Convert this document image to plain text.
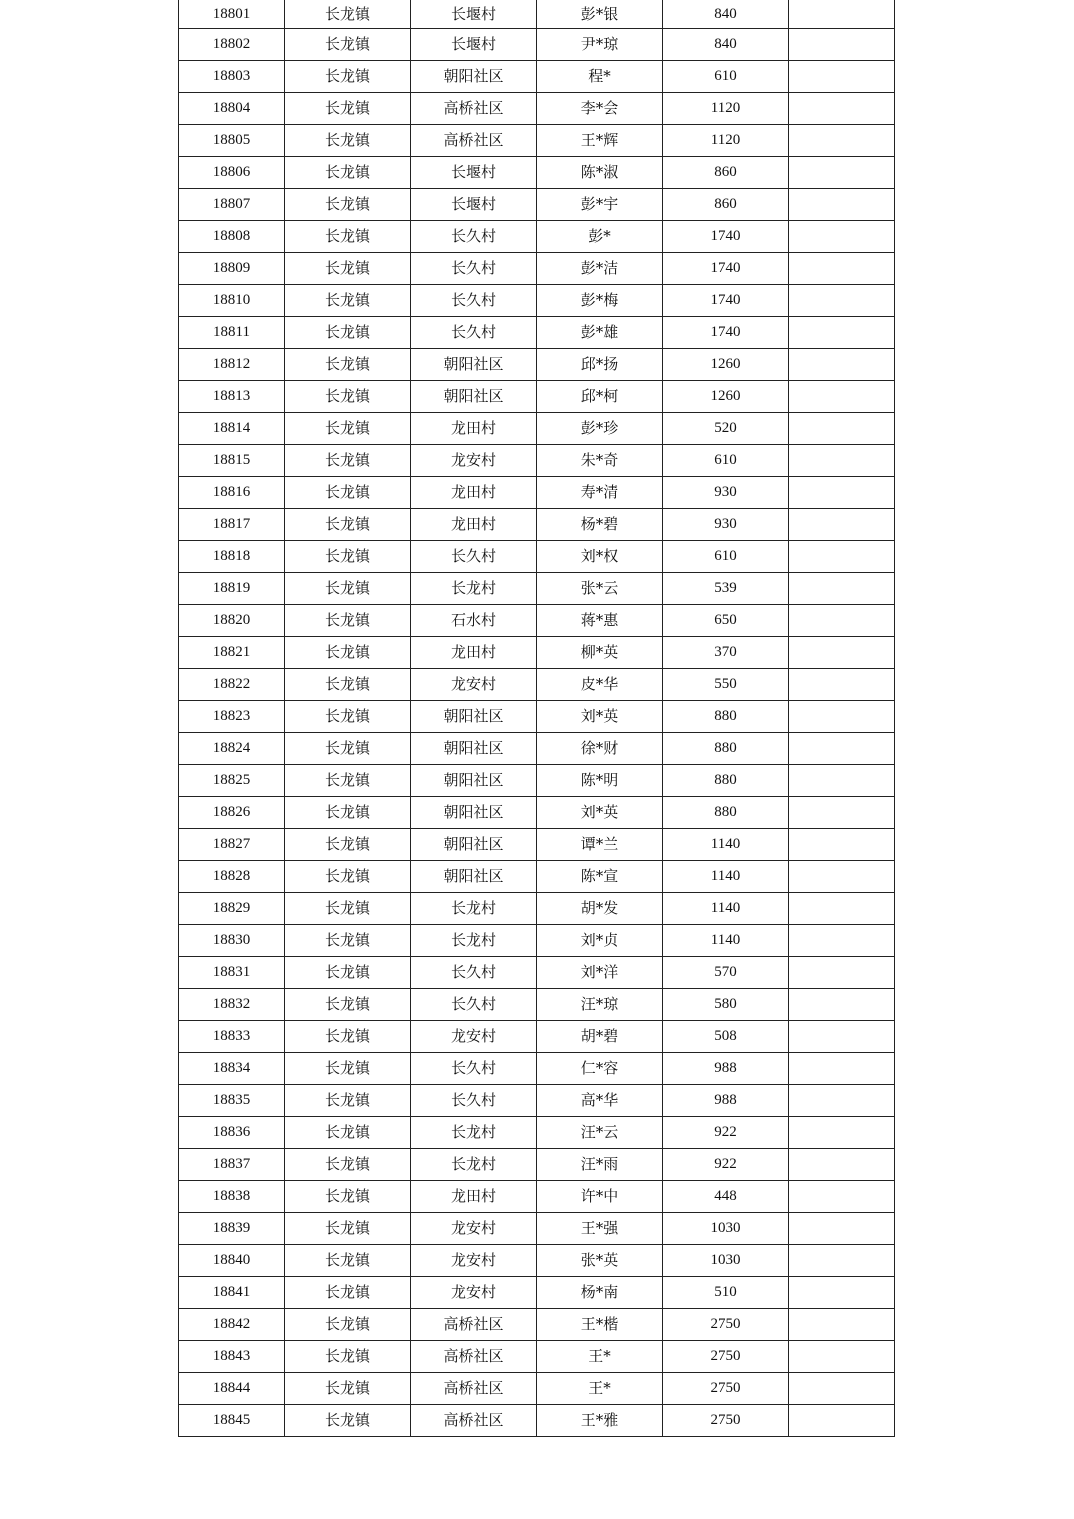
18801	长龙镇	长堰村	彭*银	840	
18802	长龙镇	长堰村	尹*琼	840	
18803	长龙镇	朝阳社区	程*	610	
18804	长龙镇	高桥社区	李*会	1120	
18805	长龙镇	高桥社区	王*辉	1120	
18806	长龙镇	长堰村	陈*淑	860	
18807	长龙镇	长堰村	彭*宇	860	
18808	长龙镇	长久村	彭*	1740	
18809	长龙镇	长久村	彭*洁	1740	
18810	长龙镇	长久村	彭*梅	1740	
18811	长龙镇	长久村	彭*雄	1740	
18812	长龙镇	朝阳社区	邱*扬	1260	
18813	长龙镇	朝阳社区	邱*柯	1260	
18814	长龙镇	龙田村	彭*珍	520	
18815	长龙镇	龙安村	朱*奇	610	
18816	长龙镇	龙田村	寿*清	930	
18817	长龙镇	龙田村	杨*碧	930	
18818	长龙镇	长久村	刘*权	610	
18819	长龙镇	长龙村	张*云	539	
18820	长龙镇	石水村	蒋*惠	650	
18821	长龙镇	龙田村	柳*英	370	
18822	长龙镇	龙安村	皮*华	550	
18823	长龙镇	朝阳社区	刘*英	880	
18824	长龙镇	朝阳社区	徐*财	880	
18825	长龙镇	朝阳社区	陈*明	880	
18826	长龙镇	朝阳社区	刘*英	880	
18827	长龙镇	朝阳社区	谭*兰	1140	
18828	长龙镇	朝阳社区	陈*宣	1140	
18829	长龙镇	长龙村	胡*发	1140	
18830	长龙镇	长龙村	刘*贞	1140	
18831	长龙镇	长久村	刘*洋	570	
18832	长龙镇	长久村	汪*琼	580	
18833	长龙镇	龙安村	胡*碧	508	
18834	长龙镇	长久村	仁*容	988	
18835	长龙镇	长久村	高*华	988	
18836	长龙镇	长龙村	汪*云	922	
18837	长龙镇	长龙村	汪*雨	922	
18838	长龙镇	龙田村	许*中	448	
18839	长龙镇	龙安村	王*强	1030	
18840	长龙镇	龙安村	张*英	1030	
18841	长龙镇	龙安村	杨*南	510	
18842	长龙镇	高桥社区	王*楷	2750	
18843	长龙镇	高桥社区	王*	2750	
18844	长龙镇	高桥社区	王*	2750	
18845	长龙镇	高桥社区	王*雅	2750	
